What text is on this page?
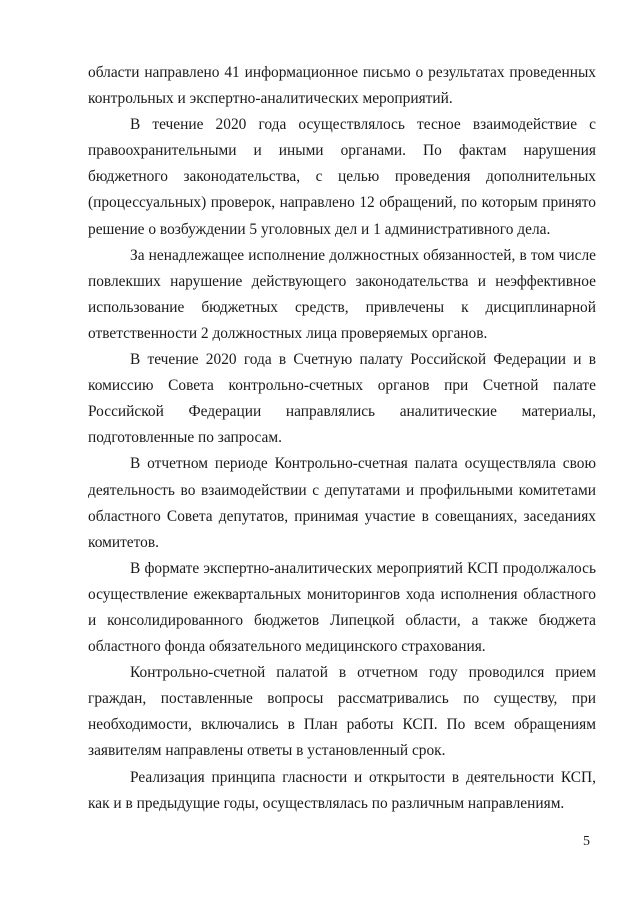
области направлено 41 информационное письмо о результатах проведенных контрольных и экспертно-аналитических мероприятий.

В течение 2020 года осуществлялось тесное взаимодействие с правоохранительными и иными органами. По фактам нарушения бюджетного законодательства, с целью проведения дополнительных (процессуальных) проверок, направлено 12 обращений, по которым принято решение о возбуждении 5 уголовных дел и 1 административного дела.

За ненадлежащее исполнение должностных обязанностей, в том числе повлекших нарушение действующего законодательства и неэффективное использование бюджетных средств, привлечены к дисциплинарной ответственности 2 должностных лица проверяемых органов.

В течение 2020 года в Счетную палату Российской Федерации и в комиссию Совета контрольно-счетных органов при Счетной палате Российской Федерации направлялись аналитические материалы, подготовленные по запросам.

В отчетном периоде Контрольно-счетная палата осуществляла свою деятельность во взаимодействии с депутатами и профильными комитетами областного Совета депутатов, принимая участие в совещаниях, заседаниях комитетов.

В формате экспертно-аналитических мероприятий КСП продолжалось осуществление ежеквартальных мониторингов хода исполнения областного и консолидированного бюджетов Липецкой области, а также бюджета областного фонда обязательного медицинского страхования.

Контрольно-счетной палатой в отчетном году проводился прием граждан, поставленные вопросы рассматривались по существу, при необходимости, включались в План работы КСП. По всем обращениям заявителям направлены ответы в установленный срок.

Реализация принципа гласности и открытости в деятельности КСП, как и в предыдущие годы, осуществлялась по различным направлениям.

5
